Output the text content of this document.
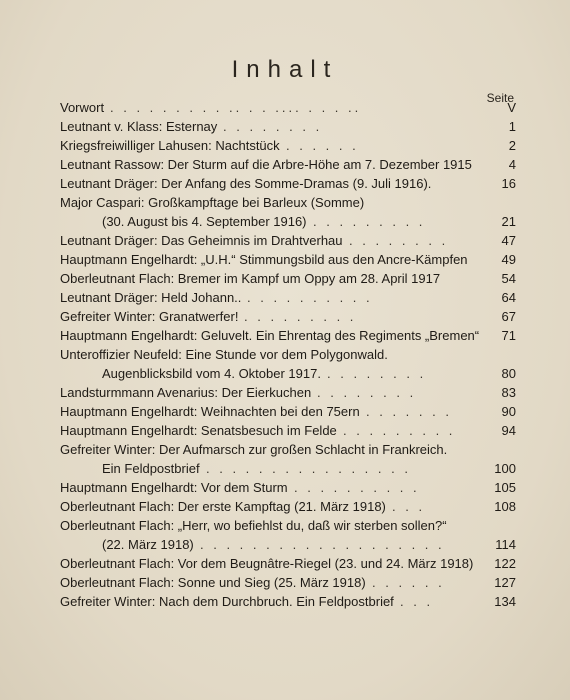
Inhalt
Seite
Vorwort . . . . . . . . . .. . . .... . . . ..	V
Leutnant v. Klass: Esternay . . . . . . . .	1
Kriegsfreiwilliger Lahusen: Nachtstück . . . . . .	2
Leutnant Rassow: Der Sturm auf die Arbre-Höhe am 7. Dezember 1915	4
Leutnant Dräger: Der Anfang des Somme-Dramas (9. Juli 1916).	16
Major Caspari: Großkampftage bei Barleux (Somme)
(30. August bis 4. September 1916) . . . . . . . . .	21
Leutnant Dräger: Das Geheimnis im Drahtverhau . . . . . . . .	47
Hauptmann Engelhardt: „U.H.“ Stimmungsbild aus den Ancre-Kämpfen	49
Oberleutnant Flach: Bremer im Kampf um Oppy am 28. April 1917	54
Leutnant Dräger: Held Johann.. . . . . . . . . . .	64
Gefreiter Winter: Granatwerfer! . . . . . . . . .	67
Hauptmann Engelhardt: Geluvelt. Ein Ehrentag des Regiments „Bremen“ 71
Unteroffizier Neufeld: Eine Stunde vor dem Polygonwald.
Augenblicksbild vom 4. Oktober 1917. . . . . . . . .	80
Landsturmmann Avenarius: Der Eierkuchen . . . . . . . .	83
Hauptmann Engelhardt: Weihnachten bei den 75ern . . . . . . .	90
Hauptmann Engelhardt: Senatsbesuch im Felde . . . . . . . . .	94
Gefreiter Winter: Der Aufmarsch zur großen Schlacht in Frankreich.
Ein Feldpostbrief . . . . . . . . . . . . . . . .	100
Hauptmann Engelhardt: Vor dem Sturm . . . . . . . . . .	105
Oberleutnant Flach: Der erste Kampftag (21. März 1918) . . .	108
Oberleutnant Flach: „Herr, wo befiehlst du, daß wir sterben sollen?“
(22. März 1918) . . . . . . . . . . . . . . . . . . .	114
Oberleutnant Flach: Vor dem Beugnâtre-Riegel (23. und 24. März 1918) 122
Oberleutnant Flach: Sonne und Sieg (25. März 1918) . . . . . .	127
Gefreiter Winter: Nach dem Durchbruch. Ein Feldpostbrief . . .	134
